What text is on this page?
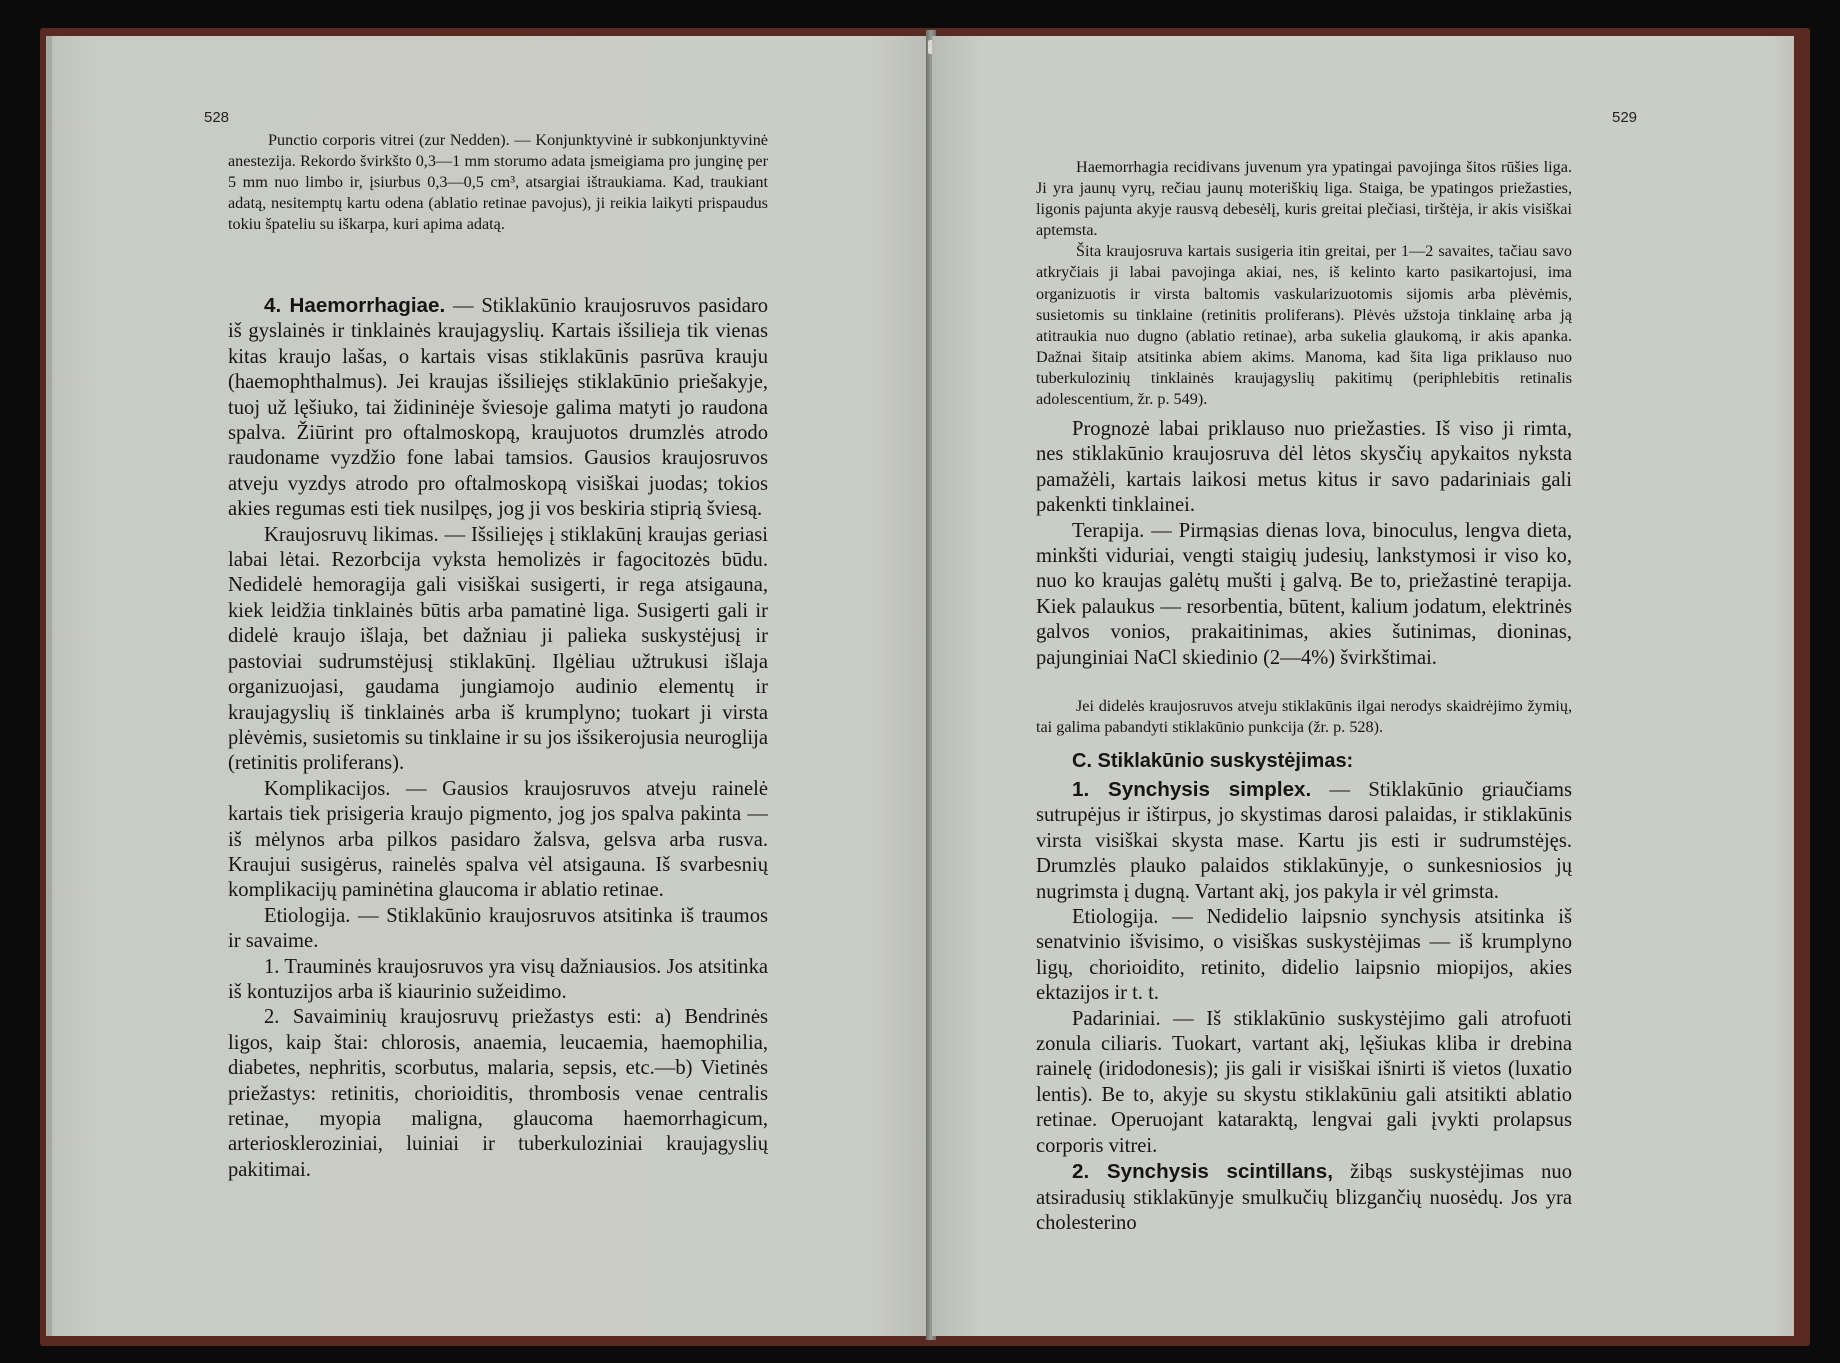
528

Punctio corporis vitrei (zur Nedden). — Konjunktyvinė ir subkonjunktyvinė anestezija. Rekordo švirkšto 0,3—1 mm storumo adata įsmeigiama pro junginę per 5 mm nuo limbo ir, įsiurbus 0,3—0,5 cm³, atsargiai ištraukiama. Kad, traukiant adatą, nesitemptų kartu odena (ablatio retinae pavojus), ji reikia laikyti prispaudus tokiu špateliu su iškarpa, kuri apima adatą.

4. Haemorrhagiae. — Stiklakūnio kraujosruvos pasidaro iš gyslainės ir tinklainės kraujagyslių. Kartais išsilieja tik vienas kitas kraujo lašas, o kartais visas stiklakūnis pasrūva krauju (haemophthalmus). Jei kraujas išsiliejęs stiklakūnio priešakyje, tuoj už lęšiuko, tai židininėje šviesoje galima matyti jo raudona spalva. Žiūrint pro oftalmoskopą, kraujuotos drumzlės atrodo raudoname vyzdžio fone labai tamsios. Gausios kraujosruvos atveju vyzdys atrodo pro oftalmoskopą visiškai juodas; tokios akies regumas esti tiek nusilpęs, jog ji vos beskiria stiprią šviesą.

Kraujosruvų likimas. — Išsiliejęs į stiklakūnį kraujas geriasi labai lėtai. Rezorbcija vyksta hemolizės ir fagocitozės būdu. Nedidelė hemoragija gali visiškai susigerti, ir rega atsigauna, kiek leidžia tinklainės būtis arba pamatinė liga. Susigerti gali ir didelė kraujo išlaja, bet dažniau ji palieka suskystėjusį ir pastoviai sudrumstėjusį stiklakūnį. Ilgėliau užtrukusi išlaja organizuojasi, gaudama jungiamojo audinio elementų ir kraujagyslių iš tinklainės arba iš krumplyno; tuokart ji virsta plėvėmis, susietomis su tinklaine ir su jos išsikerojusia neuroglija (retinitis proliferans).

Komplikacijos. — Gausios kraujosruvos atveju rainelė kartais tiek prisigeria kraujo pigmento, jog jos spalva pakinta — iš mėlynos arba pilkos pasidaro žalsva, gelsva arba rusva. Kraujui susigėrus, rainelės spalva vėl atsigauna. Iš svarbesnių komplikacijų paminėtina glaucoma ir ablatio retinae.

Etiologija. — Stiklakūnio kraujosruvos atsitinka iš traumos ir savaime.

1. Trauminės kraujosruvos yra visų dažniausios. Jos atsitinka iš kontuzijos arba iš kiaurinio sužeidimo.

2. Savaiminių kraujosruvų priežastys esti: a) Bendrinės ligos, kaip štai: chlorosis, anaemia, leucaemia, haemophilia, diabetes, nephritis, scorbutus, malaria, sepsis, etc.—b) Vietinės priežastys: retinitis, chorioiditis, thrombosis venae centralis retinae, myopia maligna, glaucoma haemorrhagicum, arterioskleroziniai, luiniai ir tuberkuloziniai kraujagyslių pakitimai.

529

Haemorrhagia recidivans juvenum yra ypatingai pavojinga šitos rūšies liga. Ji yra jaunų vyrų, rečiau jaunų moteriškių liga. Staiga, be ypatingos priežasties, ligonis pajunta akyje rausvą debesėlį, kuris greitai plečiasi, tirštėja, ir akis visiškai aptemsta.

Šita kraujosruva kartais susigeria itin greitai, per 1—2 savaites, tačiau savo atkryčiais ji labai pavojinga akiai, nes, iš kelinto karto pasikartojusi, ima organizuotis ir virsta baltomis vaskularizuotomis sijomis arba plėvėmis, susietomis su tinklaine (retinitis proliferans). Plėvės užstoja tinklainę arba ją atitraukia nuo dugno (ablatio retinae), arba sukelia glaukomą, ir akis apanka. Dažnai šitaip atsitinka abiem akims. Manoma, kad šita liga priklauso nuo tuberkulozinių tinklainės kraujagyslių pakitimų (periphlebitis retinalis adolescentium, žr. p. 549).

Prognozė labai priklauso nuo priežasties. Iš viso ji rimta, nes stiklakūnio kraujosruva dėl lėtos skysčių apykaitos nyksta pamažėli, kartais laikosi metus kitus ir savo padariniais gali pakenkti tinklainei.

Terapija. — Pirmąsias dienas lova, binoculus, lengva dieta, minkšti viduriai, vengti staigių judesių, lankstymosi ir viso ko, nuo ko kraujas galėtų mušti į galvą. Be to, priežastinė terapija. Kiek palaukus — resorbentia, būtent, kalium jodatum, elektrinės galvos vonios, prakaitinimas, akies šutinimas, dioninas, pajunginiai NaCl skiedinio (2—4%) švirkštimai.

Jei didelės kraujosruvos atveju stiklakūnis ilgai nerodys skaidrėjimo žymių, tai galima pabandyti stiklakūnio punkcija (žr. p. 528).

C. Stiklakūnio suskystėjimas:

1. Synchysis simplex. — Stiklakūnio griaučiams sutrupėjus ir ištirpus, jo skystimas darosi palaidas, ir stiklakūnis virsta visiškai skysta mase. Kartu jis esti ir sudrumstėjęs. Drumzlės plauko palaidos stiklakūnyje, o sunkesniosios jų nugrimsta į dugną. Vartant akį, jos pakyla ir vėl grimsta.

Etiologija. — Nedidelio laipsnio synchysis atsitinka iš senatvinio išvisimo, o visiškas suskystėjimas — iš krumplyno ligų, chorioidito, retinito, didelio laipsnio miopijos, akies ektazijos ir t. t.

Padariniai. — Iš stiklakūnio suskystėjimo gali atrofuoti zonula ciliaris. Tuokart, vartant akį, lęšiukas kliba ir drebina rainelę (iridodonesis); jis gali ir visiškai išnirti iš vietos (luxatio lentis). Be to, akyje su skystu stiklakūniu gali atsitikti ablatio retinae. Operuojant kataraktą, lengvai gali įvykti prolapsus corporis vitrei.

2. Synchysis scintillans, žibąs suskystėjimas nuo atsiradusių stiklakūnyje smulkučių blizgančių nuosėdų. Jos yra cholesterino
